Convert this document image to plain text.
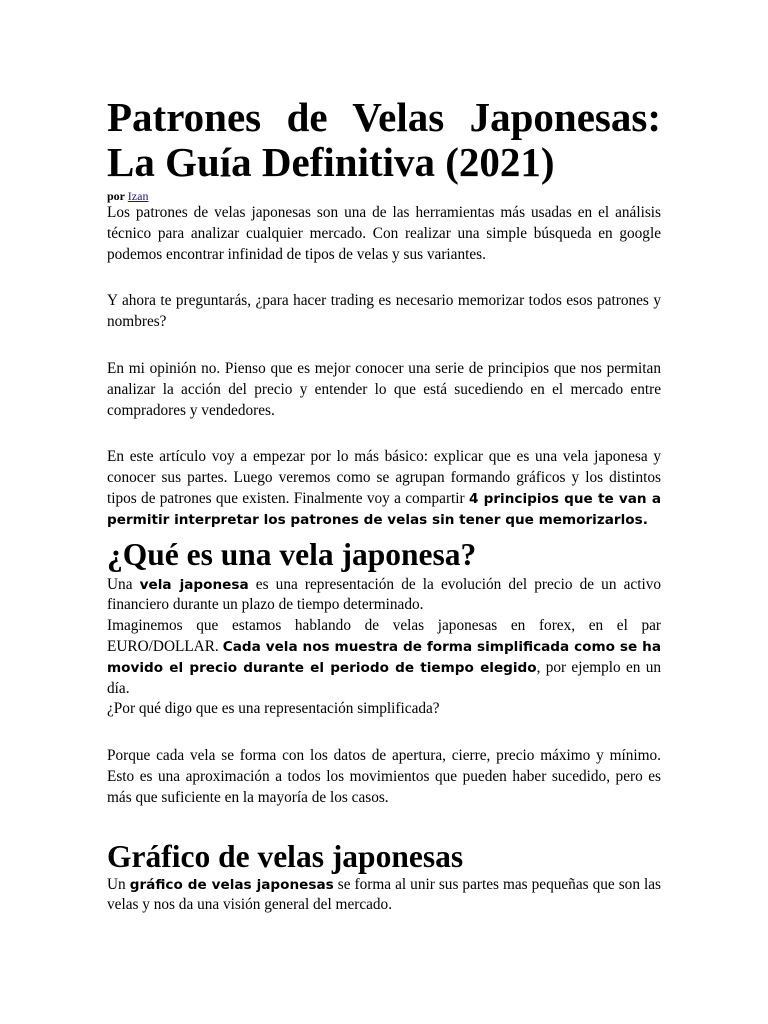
Patrones de Velas Japonesas:
La Guía Definitiva (2021)
por Izan

Los patrones de velas japonesas son una de las herramientas más usadas en el análisis técnico para analizar cualquier mercado. Con realizar una simple búsqueda en google podemos encontrar infinidad de tipos de velas y sus variantes.

Y ahora te preguntarás, ¿para hacer trading es necesario memorizar todos esos patrones y nombres?

En mi opinión no. Pienso que es mejor conocer una serie de principios que nos permitan analizar la acción del precio y entender lo que está sucediendo en el mercado entre compradores y vendedores.

En este artículo voy a empezar por lo más básico: explicar que es una vela japonesa y conocer sus partes. Luego veremos como se agrupan formando gráficos y los distintos tipos de patrones que existen. Finalmente voy a compartir 4 principios que te van a permitir interpretar los patrones de velas sin tener que memorizarlos.

¿Qué es una vela japonesa?

Una vela japonesa es una representación de la evolución del precio de un activo financiero durante un plazo de tiempo determinado.

Imaginemos que estamos hablando de velas japonesas en forex, en el par EURO/DOLLAR. Cada vela nos muestra de forma simplificada como se ha movido el precio durante el periodo de tiempo elegido, por ejemplo en un día.

¿Por qué digo que es una representación simplificada?

Porque cada vela se forma con los datos de apertura, cierre, precio máximo y mínimo. Esto es una aproximación a todos los movimientos que pueden haber sucedido, pero es más que suficiente en la mayoría de los casos.

Gráfico de velas japonesas

Un gráfico de velas japonesas se forma al unir sus partes mas pequeñas que son las velas y nos da una visión general del mercado.
